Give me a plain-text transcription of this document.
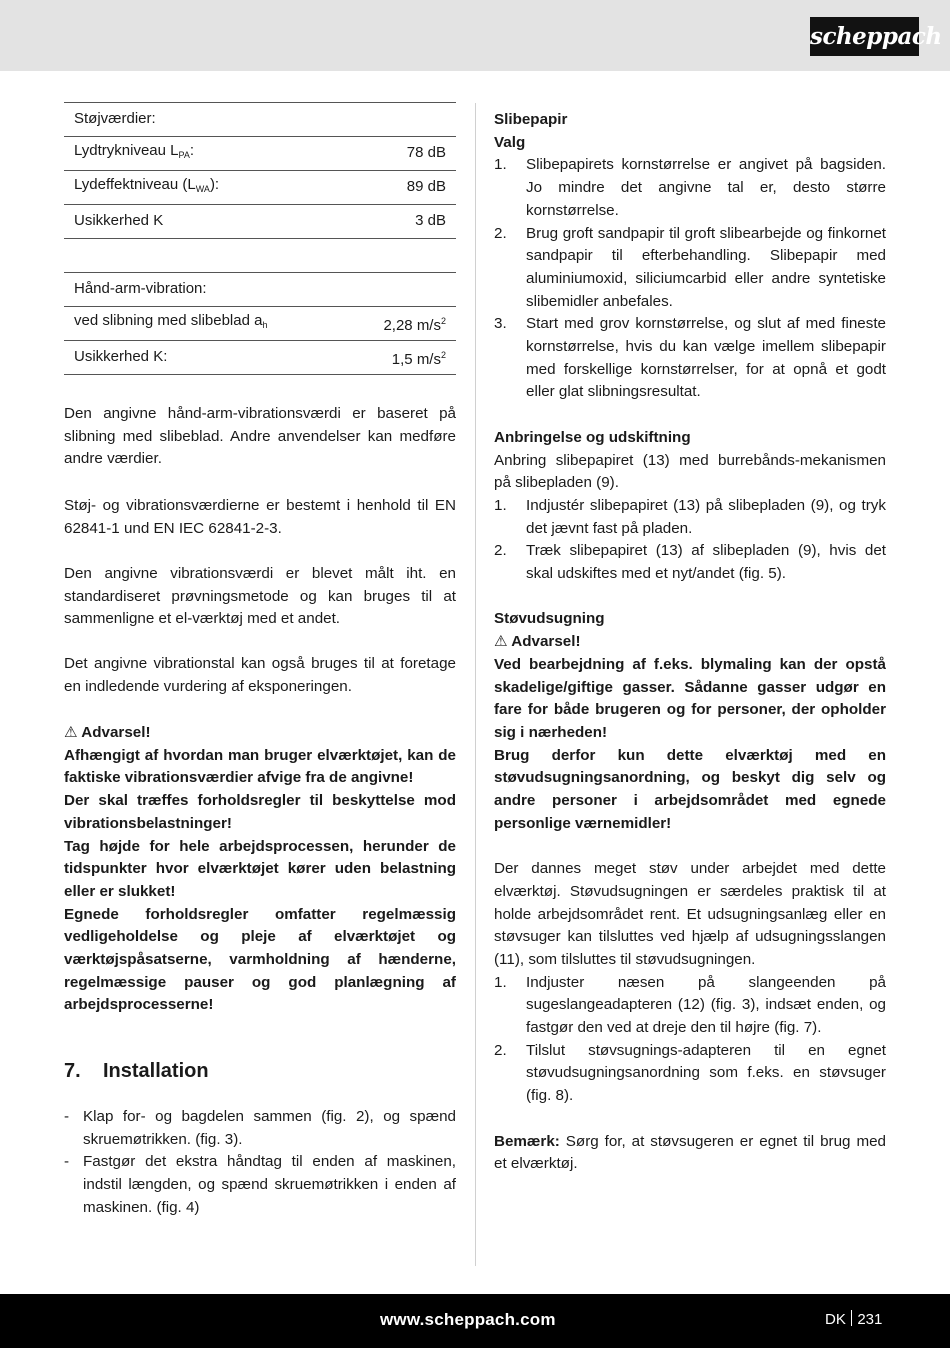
scheppach
Støjværdier:	
Lydtrykniveau $L_{PA}$:	78 dB
Lydeffektniveau $(L_{WA})$:	89 dB
Usikkerhed K	3 dB

Hånd-arm-vibration:	
ved slibning med slibeblad $a_h$	2,28 $m/s^2$
Usikkerhed K:	1,5 $m/s^2$

Den angivne hånd-arm-vibrationsværdi er baseret på slibning med slibeblad. Andre anvendelser kan medføre andre værdier.

Støj- og vibrationsværdierne er bestemt i henhold til EN 62841-1 und EN IEC 62841-2-3.

Den angivne vibrationsværdi er blevet målt iht. en standardiseret prøvningsmetode og kan bruges til at sammenligne et el-værktøj med et andet.

Det angivne vibrationstal kan også bruges til at foretage en indledende vurdering af eksponeringen.

⚠ Advarsel!

Afhængigt af hvordan man bruger elværktøjet, kan de faktiske vibrationsværdier afvige fra de angivne!

Der skal træffes forholdsregler til beskyttelse mod vibrationsbelastninger!

Tag højde for hele arbejdsprocessen, herunder de tidspunkter hvor elværktøjet kører uden belastning eller er slukket!

Egnede forholdsregler omfatter regelmæssig vedligeholdelse og pleje af elværktøjet og værktøjspåsatserne, varmholdning af hænderne, regelmæssige pauser og god planlægning af arbejdsprocesserne!

7. Installation
- Klap for- og bagdelen sammen (fig. 2), og spænd skruemøtrikken. (fig. 3).
- Fastgør det ekstra håndtag til enden af maskinen, indstil længden, og spænd skruemøtrikken i enden af maskinen. (fig. 4)
Slibepapir
Valg
1. Slibepapirets kornstørrelse er angivet på bagsiden. Jo mindre det angivne tal er, desto større kornstørrelse.
2. Brug groft sandpapir til groft slibearbejde og finkornet sandpapir til efterbehandling. Slibepapir med aluminiumoxid, siliciumcarbid eller andre syntetiske slibemidler anbefales.
3. Start med grov kornstørrelse, og slut af med fineste kornstørrelse, hvis du kan vælge imellem slibepapir med forskellige kornstørrelser, for at opnå et godt eller glat slibningsresultat.
Anbringelse og udskiftning

Anbring slibepapiret (13) med burrebånds-mekanismen på slibepladen (9).

1. Indjustér slibepapiret (13) på slibepladen (9), og tryk det jævnt fast på pladen.
2. Træk slibepapiret (13) af slibepladen (9), hvis det skal udskiftes med et nyt/andet (fig. 5).
Støvudsugning
⚠ Advarsel!

Ved bearbejdning af f.eks. blymaling kan der opstå skadelige/giftige gasser. Sådanne gasser udgør en fare for både brugeren og for personer, der opholder sig i nærheden!

Brug derfor kun dette elværktøj med en støvudsugningsanordning, og beskyt dig selv og andre personer i arbejdsområdet med egnede personlige værnemidler!

Der dannes meget støv under arbejdet med dette elværktøj. Støvudsugningen er særdeles praktisk til at holde arbejdsområdet rent. Et udsugningsanlæg eller en støvsuger kan tilsluttes ved hjælp af udsugningsslangen (11), som tilsluttes til støvudsugningen.

1. Indjuster næsen på slangeenden på sugeslangeadapteren (12) (fig. 3), indsæt enden, og fastgør den ved at dreje den til højre (fig. 7).
2. Tilslut støvsugnings-adapteren til en egnet støvudsugningsanordning som f.eks. en støvsuger (fig. 8).

Bemærk: Sørg for, at støvsugeren er egnet til brug med et elværktøj.

www.scheppach.com	DK 231
